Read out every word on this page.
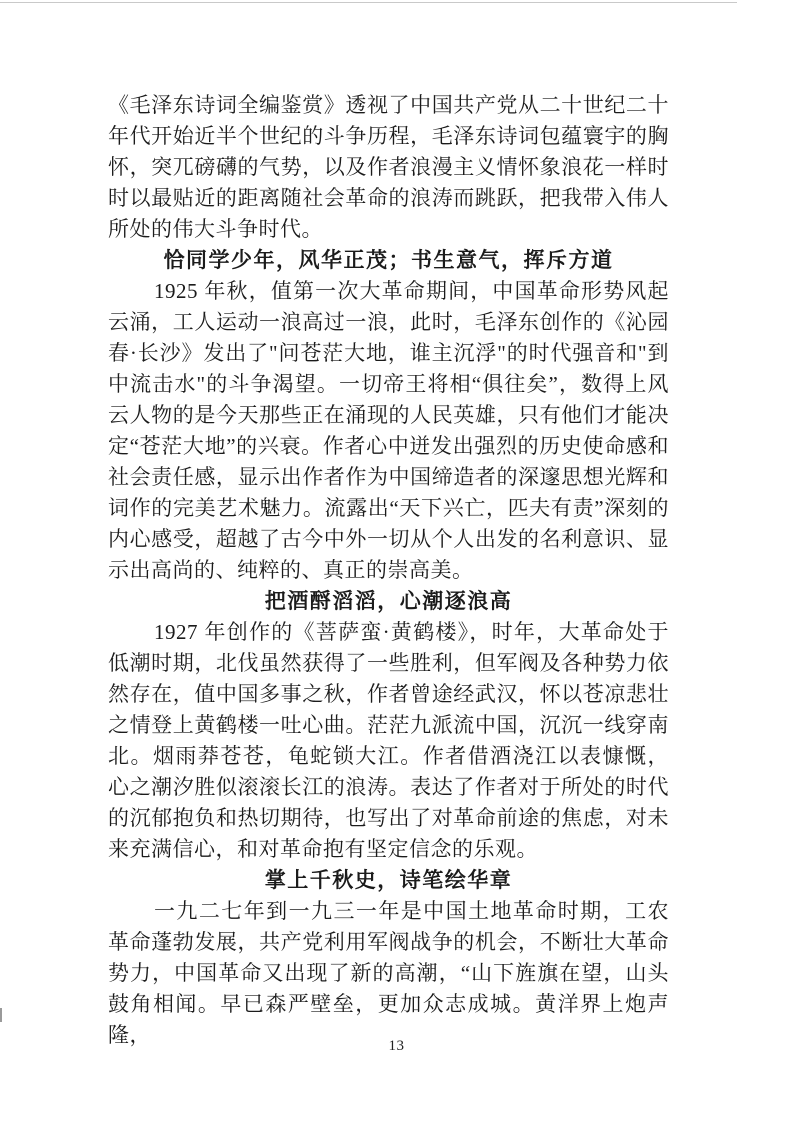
《毛泽东诗词全编鉴赏》透视了中国共产党从二十世纪二十年代开始近半个世纪的斗争历程，毛泽东诗词包蕴寰宇的胸怀，突兀磅礴的气势，以及作者浪漫主义情怀象浪花一样时时以最贴近的距离随社会革命的浪涛而跳跃，把我带入伟人所处的伟大斗争时代。

恰同学少年，风华正茂；书生意气，挥斥方道

1925 年秋，值第一次大革命期间，中国革命形势风起云涌，工人运动一浪高过一浪，此时，毛泽东创作的《沁园春·长沙》发出了"问苍茫大地，谁主沉浮"的时代强音和"到中流击水"的斗争渴望。一切帝王将相“俱往矣”，数得上风云人物的是今天那些正在涌现的人民英雄，只有他们才能决定“苍茫大地”的兴衰。作者心中迸发出强烈的历史使命感和社会责任感，显示出作者作为中国缔造者的深邃思想光辉和词作的完美艺术魅力。流露出“天下兴亡，匹夫有责”深刻的内心感受，超越了古今中外一切从个人出发的名利意识、显示出高尚的、纯粹的、真正的崇高美。

把酒酹滔滔，心潮逐浪高

1927 年创作的《菩萨蛮·黄鹤楼》，时年，大革命处于低潮时期，北伐虽然获得了一些胜利，但军阀及各种势力依然存在，值中国多事之秋，作者曾途经武汉，怀以苍凉悲壮之情登上黄鹤楼一吐心曲。茫茫九派流中国，沉沉一线穿南北。烟雨莽苍苍，龟蛇锁大江。作者借酒浇江以表慷慨， 心之潮汐胜似滚滚长江的浪涛。表达了作者对于所处的时代的沉郁抱负和热切期待，也写出了对革命前途的焦虑，对未来充满信心，和对革命抱有坚定信念的乐观。

掌上千秋史，诗笔绘华章

一九二七年到一九三一年是中国土地革命时期，工农革命蓬勃发展，共产党利用军阀战争的机会，不断壮大革命势力，中国革命又出现了新的高潮，“山下旌旗在望，山头鼓角相闻。早已森严壁垒，更加众志成城。黄洋界上炮声隆，	13
